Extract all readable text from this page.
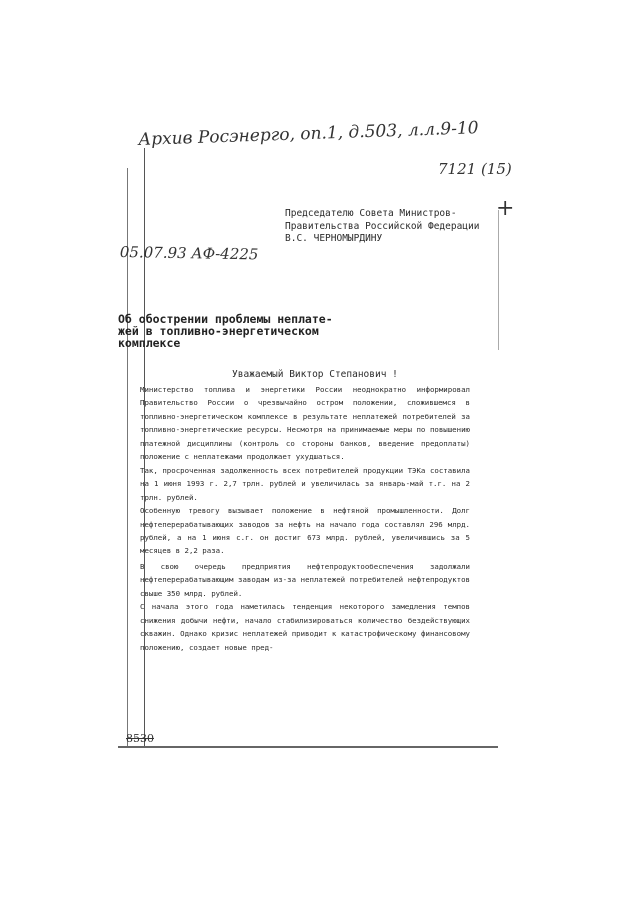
Архив Росэнерго, оп.1, д.503, л.л.9-10
7121 (15)
+
05.07.93 АФ-4225
Председателю Совета Министров-
Правительства Российской Федерации
В.С. ЧЕРНОМЫРДИНУ
Об обострении проблемы неплате-
жей в топливно-энергетическом
комплексе
Уважаемый Виктор Степанович !

Министерство топлива и энергетики России неоднократно информировал Правительство России о чрезвычайно остром положении, сложившемся в топливно-энергетическом комплексе в результате неплатежей потребителей за топливно-энергетические ресурсы. Несмотря на принимаемые меры по повышению платежной дисциплины (контроль со стороны банков, введение предоплаты) положение с неплатежами продолжает ухудшаться.

Так, просроченная задолженность всех потребителей продукции ТЭКа составила на 1 июня 1993 г. 2,7 трлн. рублей и увеличилась за январь-май т.г. на 2 трлн. рублей.

Особенную тревогу вызывает положение в нефтяной промышленности. Долг нефтеперерабатывающих заводов за нефть на начало года составлял 296 млрд. рублей, а на 1 июня с.г. он достиг 673 млрд. рублей, увеличившись за 5 месяцев в 2,2 раза.

В свою очередь предприятия нефтепродуктообеспечения задолжали нефтеперерабатывающим заводам из-за неплатежей потребителей нефтепродуктов свыше 350 млрд. рублей.

С начала этого года наметилась тенденция некоторого замедления темпов снижения добычи нефти, начало стабилизироваться количество бездействующих скважин. Однако кризис неплатежей приводит к катастрофическому финансовому положению, создает новые пред-

8530
